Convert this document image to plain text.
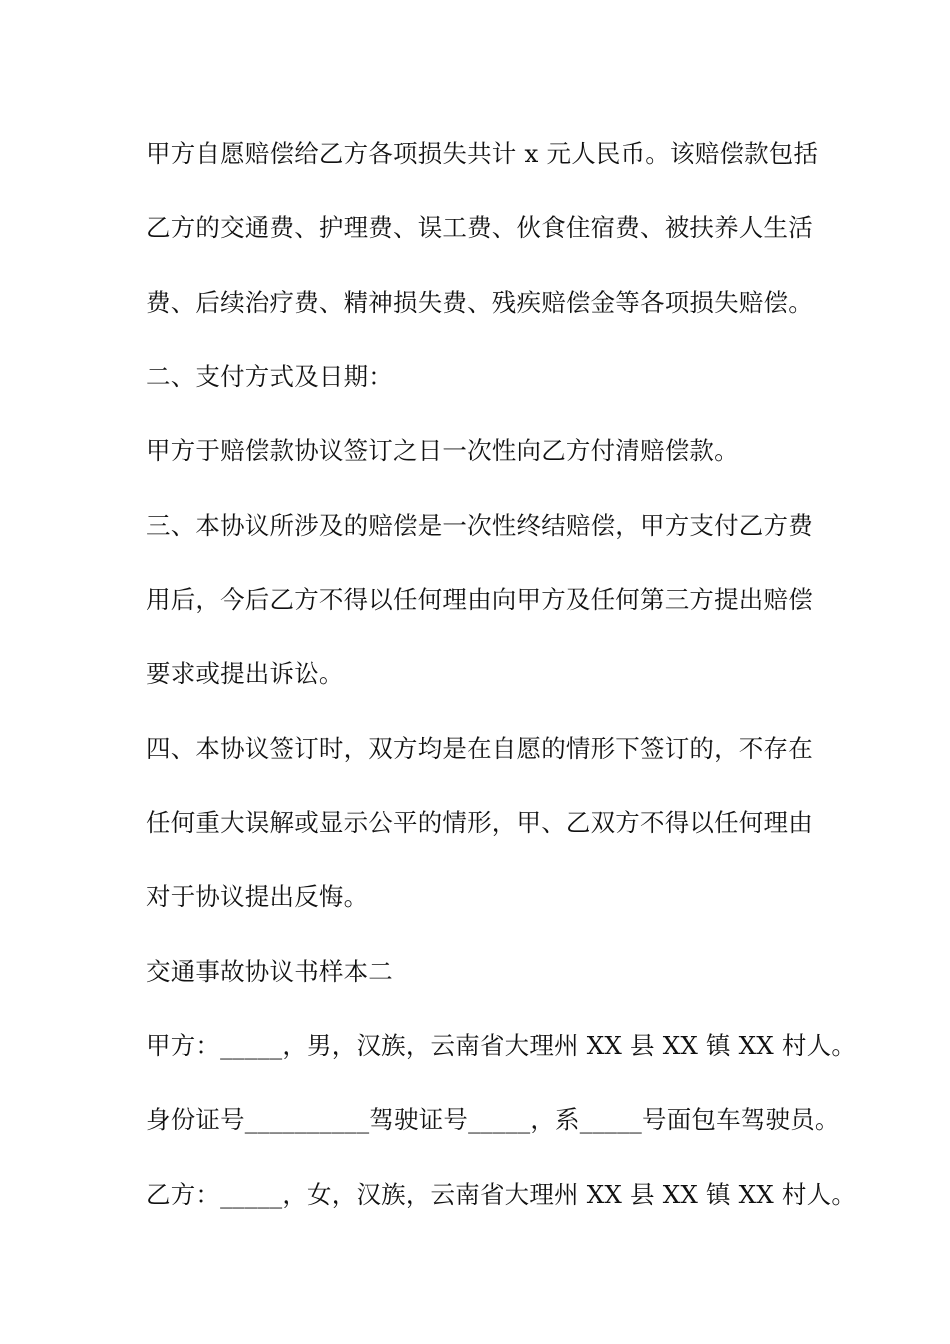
甲方自愿赔偿给乙方各项损失共计 x 元人民币。该赔偿款包括
乙方的交通费、护理费、误工费、伙食住宿费、被扶养人生活
费、后续治疗费、精神损失费、残疾赔偿金等各项损失赔偿。
二、支付方式及日期：
甲方于赔偿款协议签订之日一次性向乙方付清赔偿款。
三、本协议所涉及的赔偿是一次性终结赔偿，甲方支付乙方费
用后，今后乙方不得以任何理由向甲方及任何第三方提出赔偿
要求或提出诉讼。
四、本协议签订时，双方均是在自愿的情形下签订的，不存在
任何重大误解或显示公平的情形，甲、乙双方不得以任何理由
对于协议提出反悔。
交通事故协议书样本二
甲方：_____，男，汉族，云南省大理州 XX 县 XX 镇 XX 村人。
身份证号__________驾驶证号_____，系_____号面包车驾驶员。
乙方：_____，女，汉族，云南省大理州 XX 县 XX 镇 XX 村人。
